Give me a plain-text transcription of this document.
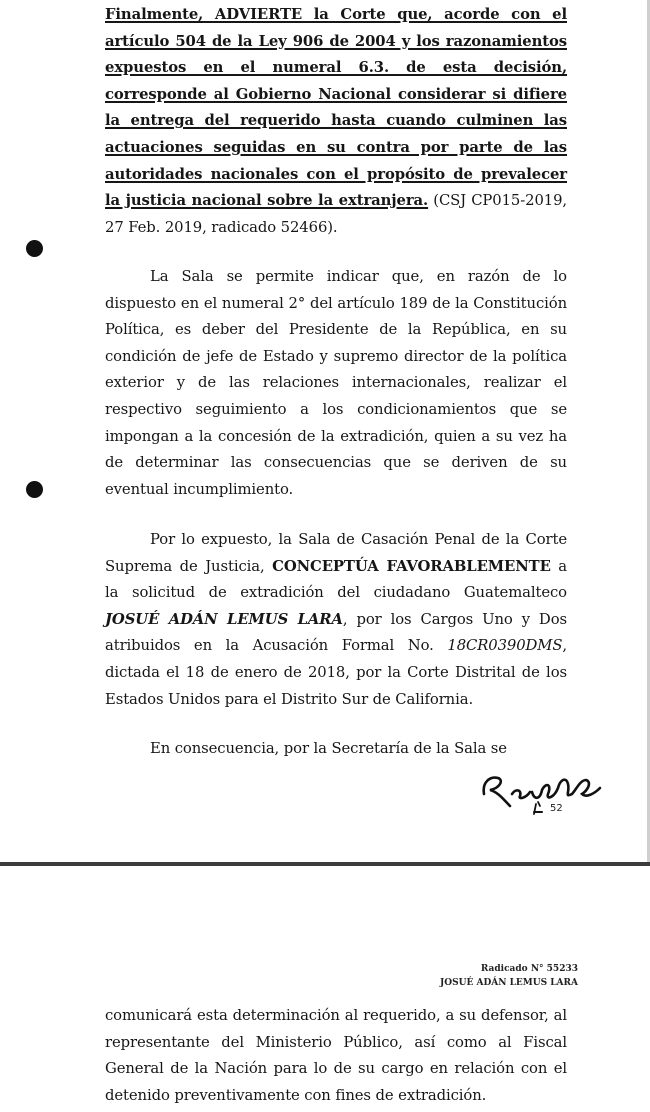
Finalmente, ADVIERTE la Corte que, acorde con el artículo 504 de la Ley 906 de 2004 y los razonamientos expuestos en el numeral 6.3. de esta decisión, corresponde al Gobierno Nacional considerar si difiere la entrega del requerido hasta cuando culminen las actuaciones seguidas en su contra por parte de las autoridades nacionales con el propósito de prevalecer la justicia nacional sobre la extranjera. (CSJ CP015-2019, 27 Feb. 2019, radicado 52466).

La Sala se permite indicar que, en razón de lo dispuesto en el numeral 2° del artículo 189 de la Constitución Política, es deber del Presidente de la República, en su condición de jefe de Estado y supremo director de la política exterior y de las relaciones internacionales, realizar el respectivo seguimiento a los condicionamientos que se impongan a la concesión de la extradición, quien a su vez ha de determinar las consecuencias que se deriven de su eventual incumplimiento.

Por lo expuesto, la Sala de Casación Penal de la Corte Suprema de Justicia, CONCEPTÚA FAVORABLEMENTE a la solicitud de extradición del ciudadano Guatemalteco JOSUÉ ADÁN LEMUS LARA, por los Cargos Uno y Dos atribuidos en la Acusación Formal No. 18CR0390DMS, dictada el 18 de enero de 2018, por la Corte Distrital de los Estados Unidos para el Distrito Sur de California.

En consecuencia, por la Secretaría de la Sala se

52
Radicado N° 55233
JOSUÉ ADÁN LEMUS LARA

comunicará esta determinación al requerido, a su defensor, al representante del Ministerio Público, así como al Fiscal General de la Nación para lo de su cargo en relación con el detenido preventivamente con fines de extradición.
